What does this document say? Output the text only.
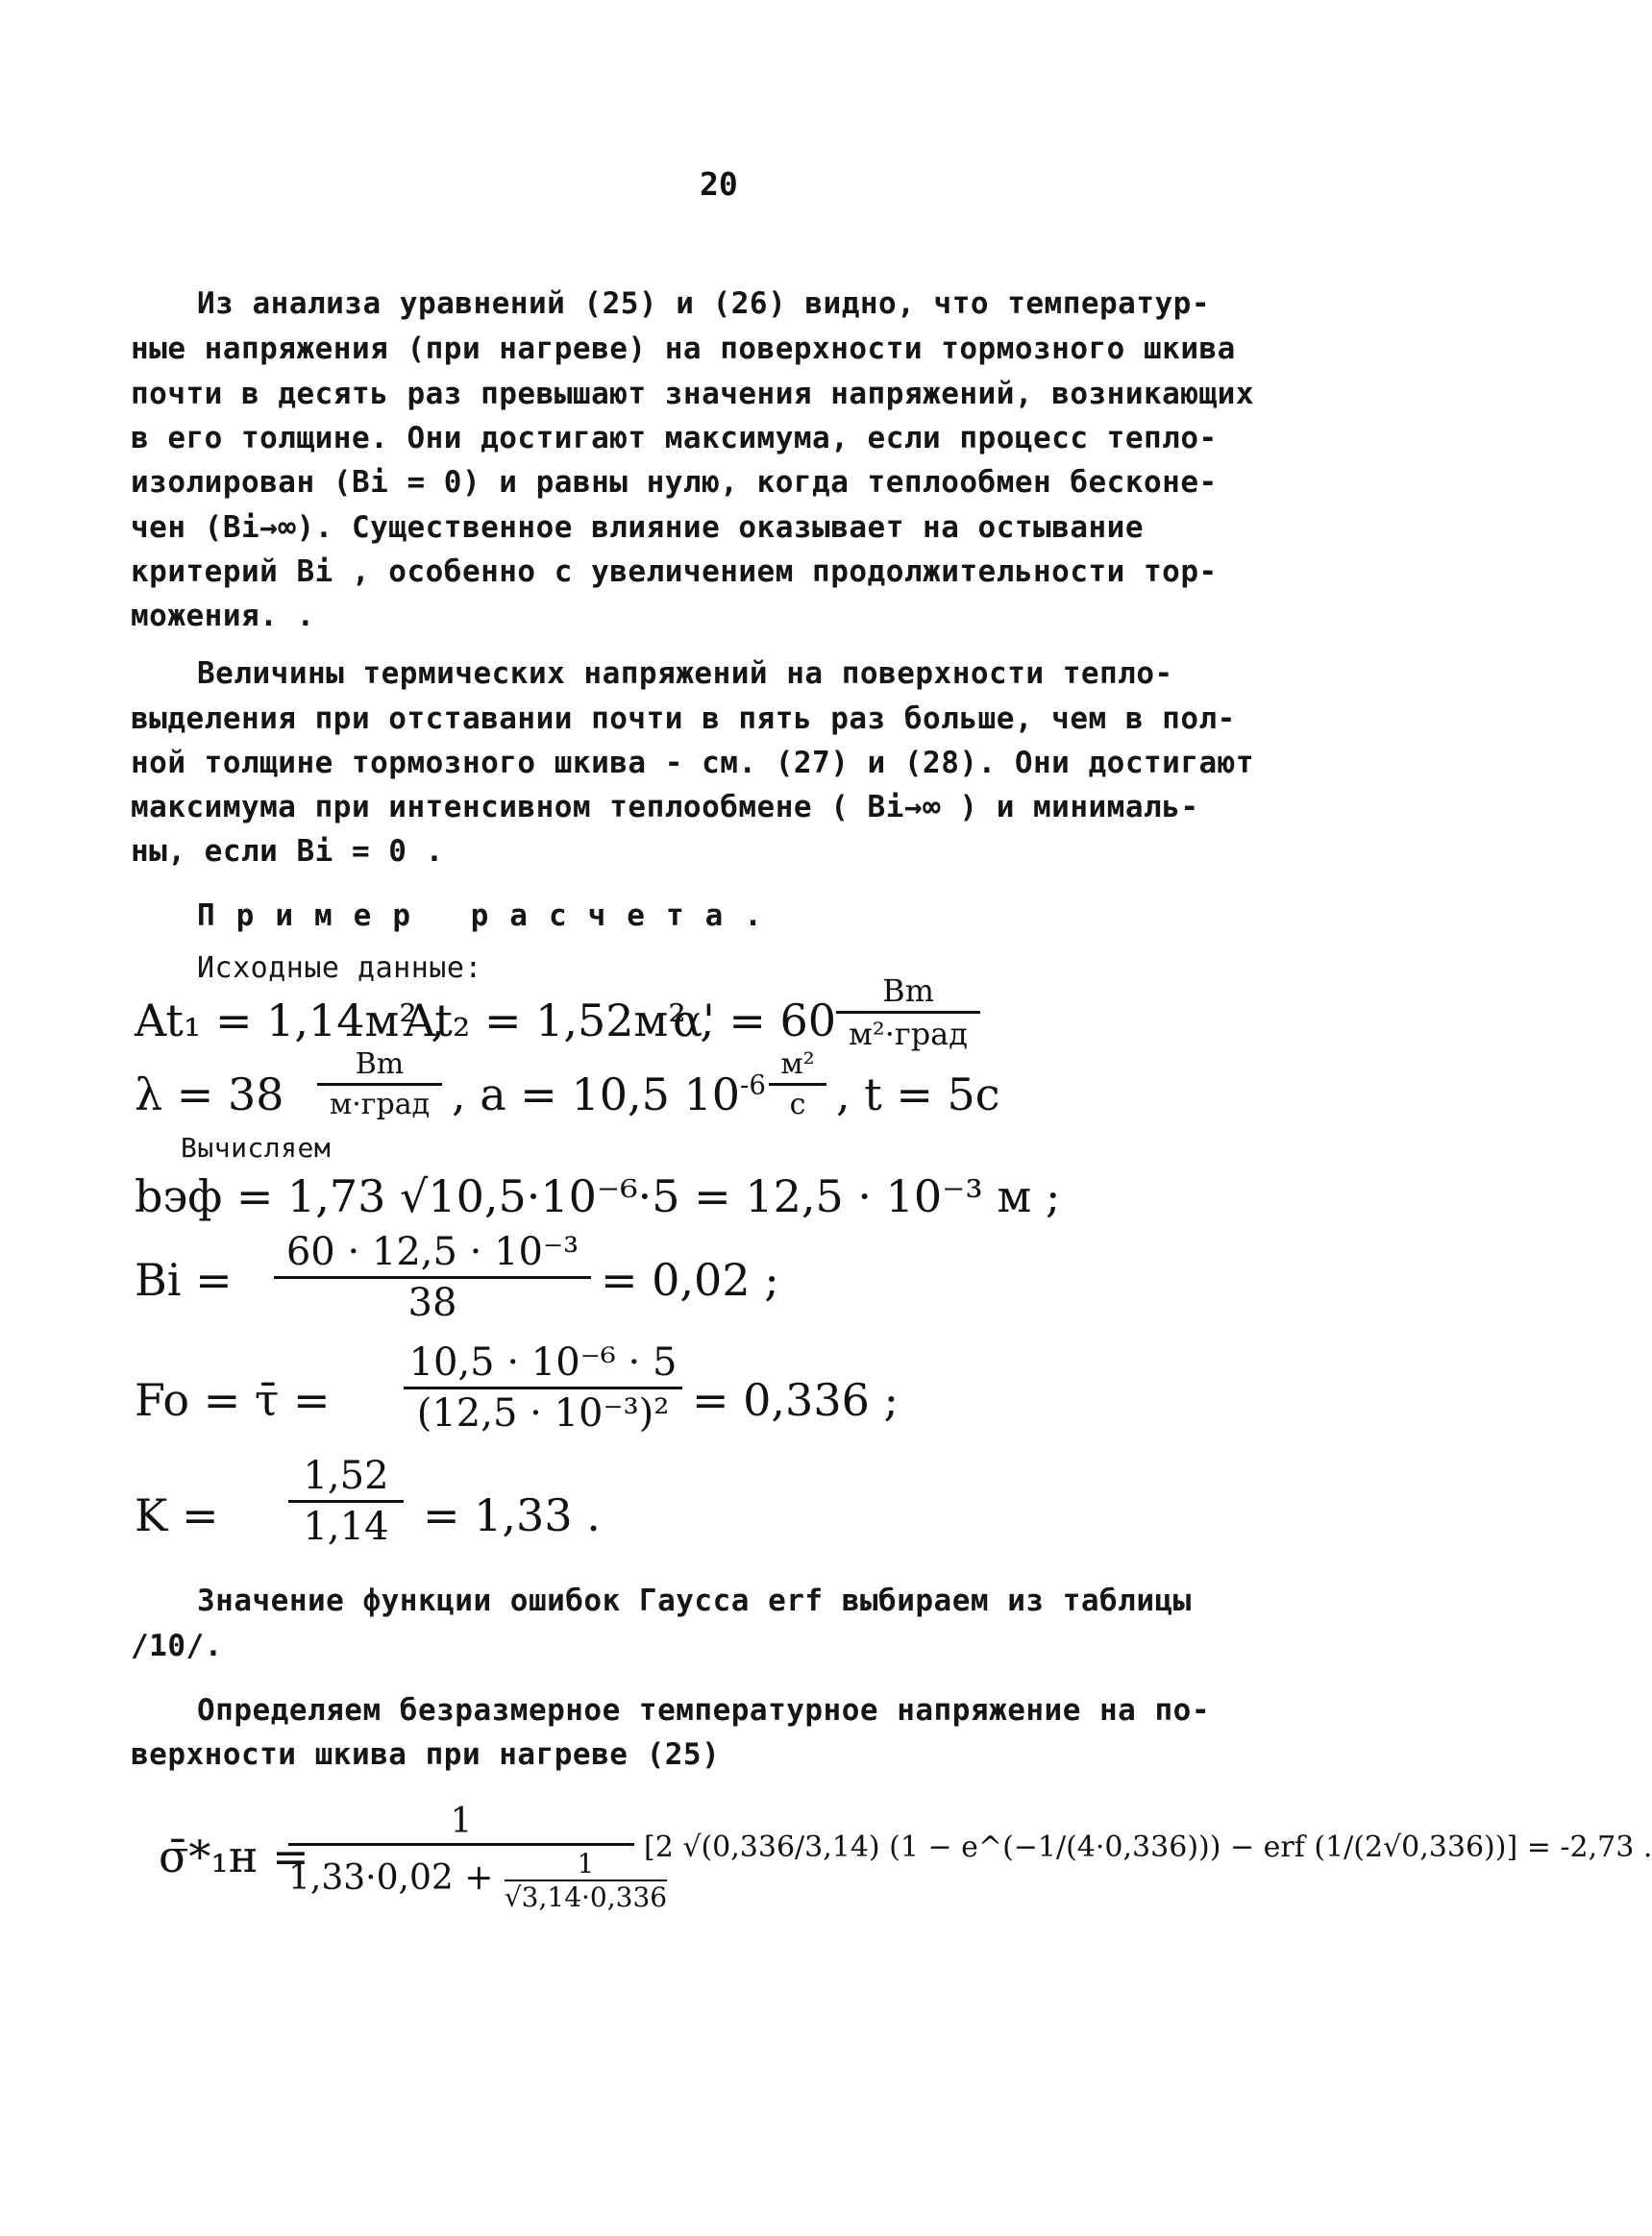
20
Из анализа уравнений (25) и (26) видно, что температур-
ные напряжения (при нагреве) на поверхности тормозного шкива
почти в десять раз превышают значения напряжений, возникающих
в его толщине. Они достигают максимума, если процесс тепло-
изолирован (Bi = 0) и равны нулю, когда теплообмен бесконе-
чен (Bi→∞). Существенное влияние оказывает на остывание
критерий Bi , особенно с увеличением продолжительности тор-
можения. .
Величины термических напряжений на поверхности тепло-
выделения при отставании почти в пять раз больше, чем в пол-
ной толщине тормозного шкива - см. (27) и (28). Они достигают
максимума при интенсивном теплообмене ( Bi→∞ ) и минималь-
ны, если Bi = 0 .
Пример расчета.
Исходные данные:
At₁ = 1,14м² ,
At₂ = 1,52м² ,
α' = 60
Bm
м²·град
λ = 38
Bm
м·град , a = 10,5 $10^{-6}$
м²
с , t = 5c
Вычисляем
bэф = 1,73 √10,5·10⁻⁶·5 = 12,5 · 10⁻³ м ;
Bi =
60 · 12,5 · 10⁻³
38	= 0,02 ;
Fo = τ̄ =
10,5 · 10⁻⁶ · 5
(12,5 · 10⁻³)² = 0,336 ;
K =
1,52
1,14 = 1,33 .
Значение функции ошибок Гаусса erf выбираем из таблицы
/10/.
Определяем безразмерное температурное напряжение на по-
верхности шкива при нагреве (25)
σ̄*₁н =
1
$1,33\cdot 0,02 + \frac{1}{√3,14\cdot 0,336}$
[2 √(0,336/3,14) (1 − e^(−1/(4·0,336))) − erf (1/(2√0,336))] = -2,73 .
